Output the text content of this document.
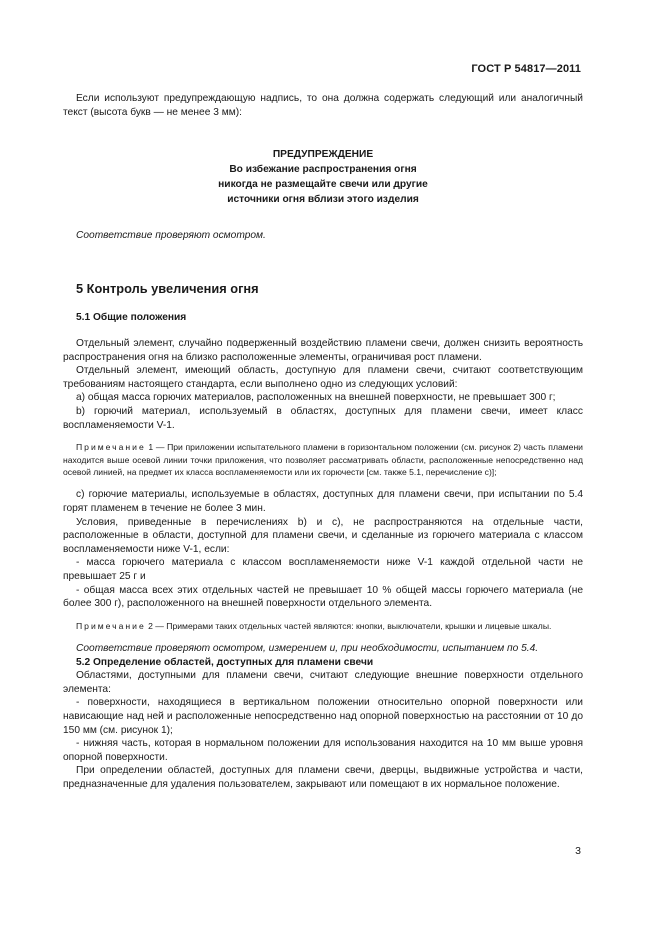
ГОСТ Р 54817—2011

Если используют предупреждающую надпись, то она должна содержать следующий или аналогичный текст (высота букв — не менее 3 мм):

ПРЕДУПРЕЖДЕНИЕ
Во избежание распространения огня
никогда не размещайте свечи или другие
источники огня вблизи этого изделия

Соответствие проверяют осмотром.

5 Контроль увеличения огня
5.1 Общие положения

Отдельный элемент, случайно подверженный воздействию пламени свечи, должен снизить вероятность распространения огня на близко расположенные элементы, ограничивая рост пламени.

Отдельный элемент, имеющий область, доступную для пламени свечи, считают соответствующим требованиям настоящего стандарта, если выполнено одно из следующих условий:

а) общая масса горючих материалов, расположенных на внешней поверхности, не превышает 300 г;

b) горючий материал, используемый в областях, доступных для пламени свечи, имеет класс воспламеняемости V-1.

Примечание 1 — При приложении испытательного пламени в горизонтальном положении (см. рисунок 2) часть пламени находится выше осевой линии точки приложения, что позволяет рассматривать области, расположенные непосредственно над осевой линией, на предмет их класса воспламеняемости или их горючести [см. также 5.1, перечисление с)];

с) горючие материалы, используемые в областях, доступных для пламени свечи, при испытании по 5.4 горят пламенем в течение не более 3 мин.

Условия, приведенные в перечислениях b) и с), не распространяются на отдельные части, расположенные в области, доступной для пламени свечи, и сделанные из горючего материала с классом воспламеняемости ниже V-1, если:

- масса горючего материала с классом воспламеняемости ниже V-1 каждой отдельной части не превышает 25 г и

- общая масса всех этих отдельных частей не превышает 10 % общей массы горючего материала (не более 300 г), расположенного на внешней поверхности отдельного элемента.

Примечание 2 — Примерами таких отдельных частей являются: кнопки, выключатели, крышки и лицевые шкалы.

Соответствие проверяют осмотром, измерением и, при необходимости, испытанием по 5.4.

5.2 Определение областей, доступных для пламени свечи

Областями, доступными для пламени свечи, считают следующие внешние поверхности отдельного элемента:

- поверхности, находящиеся в вертикальном положении относительно опорной поверхности или нависающие над ней и расположенные непосредственно над опорной поверхностью на расстоянии от 10 до 150 мм (см. рисунок 1);

- нижняя часть, которая в нормальном положении для использования находится на 10 мм выше уровня опорной поверхности.

При определении областей, доступных для пламени свечи, дверцы, выдвижные устройства и части, предназначенные для удаления пользователем, закрывают или помещают в их нормальное положение.

3
